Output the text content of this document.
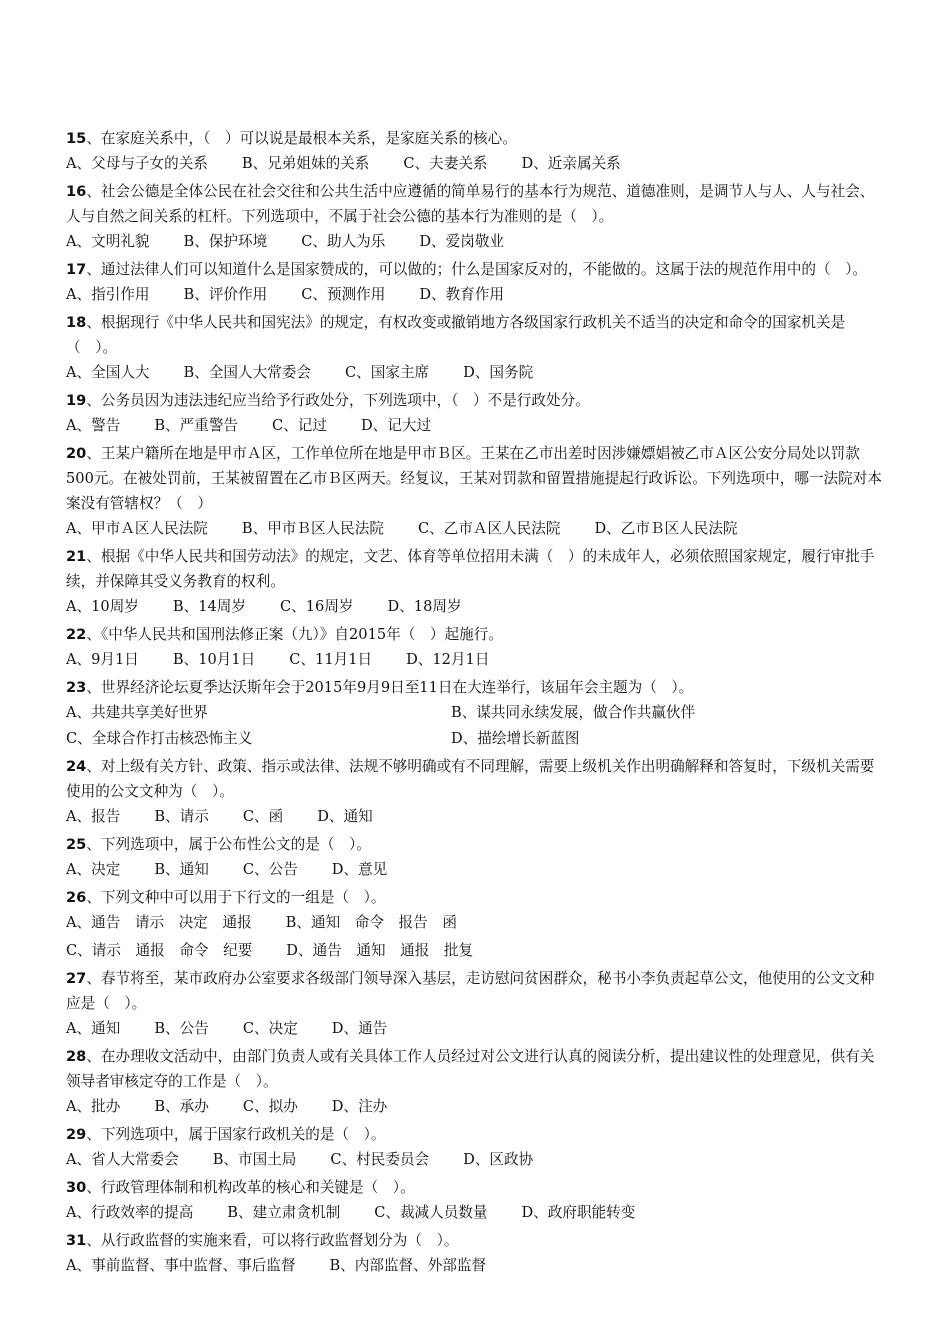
15、在家庭关系中，（　）可以说是最根本关系，是家庭关系的核心。

A、父母与子女的关系 B、兄弟姐妹的关系 C、夫妻关系 D、近亲属关系

16、社会公德是全体公民在社会交往和公共生活中应遵循的简单易行的基本行为规范、道德准则，是调节人与人、人与社会、人与自然之间关系的杠杆。下列选项中，不属于社会公德的基本行为准则的是（　）。

A、文明礼貌 B、保护环境 C、助人为乐 D、爱岗敬业

17、通过法律人们可以知道什么是国家赞成的，可以做的；什么是国家反对的，不能做的。这属于法的规范作用中的（　）。

A、指引作用 B、评价作用 C、预测作用 D、教育作用

18、根据现行《中华人民共和国宪法》的规定，有权改变或撤销地方各级国家行政机关不适当的决定和命令的国家机关是（　）。

A、全国人大 B、全国人大常委会 C、国家主席 D、国务院

19、公务员因为违法违纪应当给予行政处分，下列选项中，（　）不是行政处分。

A、警告 B、严重警告 C、记过 D、记大过

20、王某户籍所在地是甲市Ａ区，工作单位所在地是甲市Ｂ区。王某在乙市出差时因涉嫌嫖娼被乙市Ａ区公安分局处以罚款500元。在被处罚前，王某被留置在乙市Ｂ区两天。经复议，王某对罚款和留置措施提起行政诉讼。下列选项中，哪一法院对本案没有管辖权？（　）

A、甲市Ａ区人民法院 B、甲市Ｂ区人民法院 C、乙市Ａ区人民法院 D、乙市Ｂ区人民法院

21、根据《中华人民共和国劳动法》的规定，文艺、体育等单位招用未满（　）的未成年人，必须依照国家规定，履行审批手续，并保障其受义务教育的权利。

A、10周岁 B、14周岁 C、16周岁 D、18周岁

22、《中华人民共和国刑法修正案（九）》自2015年（　）起施行。

A、9月1日 B、10月1日 C、11月1日 D、12月1日

23、世界经济论坛夏季达沃斯年会于2015年9月9日至11日在大连举行，该届年会主题为（　）。

A、共建共享美好世界	B、谋共同永续发展，做合作共赢伙伴
C、全球合作打击核恐怖主义	D、描绘增长新蓝图

24、对上级有关方针、政策、指示或法律、法规不够明确或有不同理解，需要上级机关作出明确解释和答复时，下级机关需要使用的公文文种为（　）。

A、报告 B、请示 C、函 D、通知

25、下列选项中，属于公布性公文的是（　）。

A、决定 B、通知 C、公告 D、意见

26、下列文种中可以用于下行文的一组是（　）。

A、通告　请示　决定　通报 B、通知　命令　报告　函
C、请示　通报　命令　纪要 D、通告　通知　通报　批复

27、春节将至，某市政府办公室要求各级部门领导深入基层，走访慰问贫困群众，秘书小李负责起草公文，他使用的公文文种应是（　）。

A、通知 B、公告 C、决定 D、通告

28、在办理收文活动中，由部门负责人或有关具体工作人员经过对公文进行认真的阅读分析，提出建议性的处理意见，供有关领导者审核定夺的工作是（　）。

A、批办 B、承办 C、拟办 D、注办

29、下列选项中，属于国家行政机关的是（　）。

A、省人大常委会 B、市国土局 C、村民委员会 D、区政协

30、行政管理体制和机构改革的核心和关键是（　）。

A、行政效率的提高 B、建立肃贪机制 C、裁减人员数量 D、政府职能转变

31、从行政监督的实施来看，可以将行政监督划分为（　）。

A、事前监督、事中监督、事后监督 B、内部监督、外部监督
